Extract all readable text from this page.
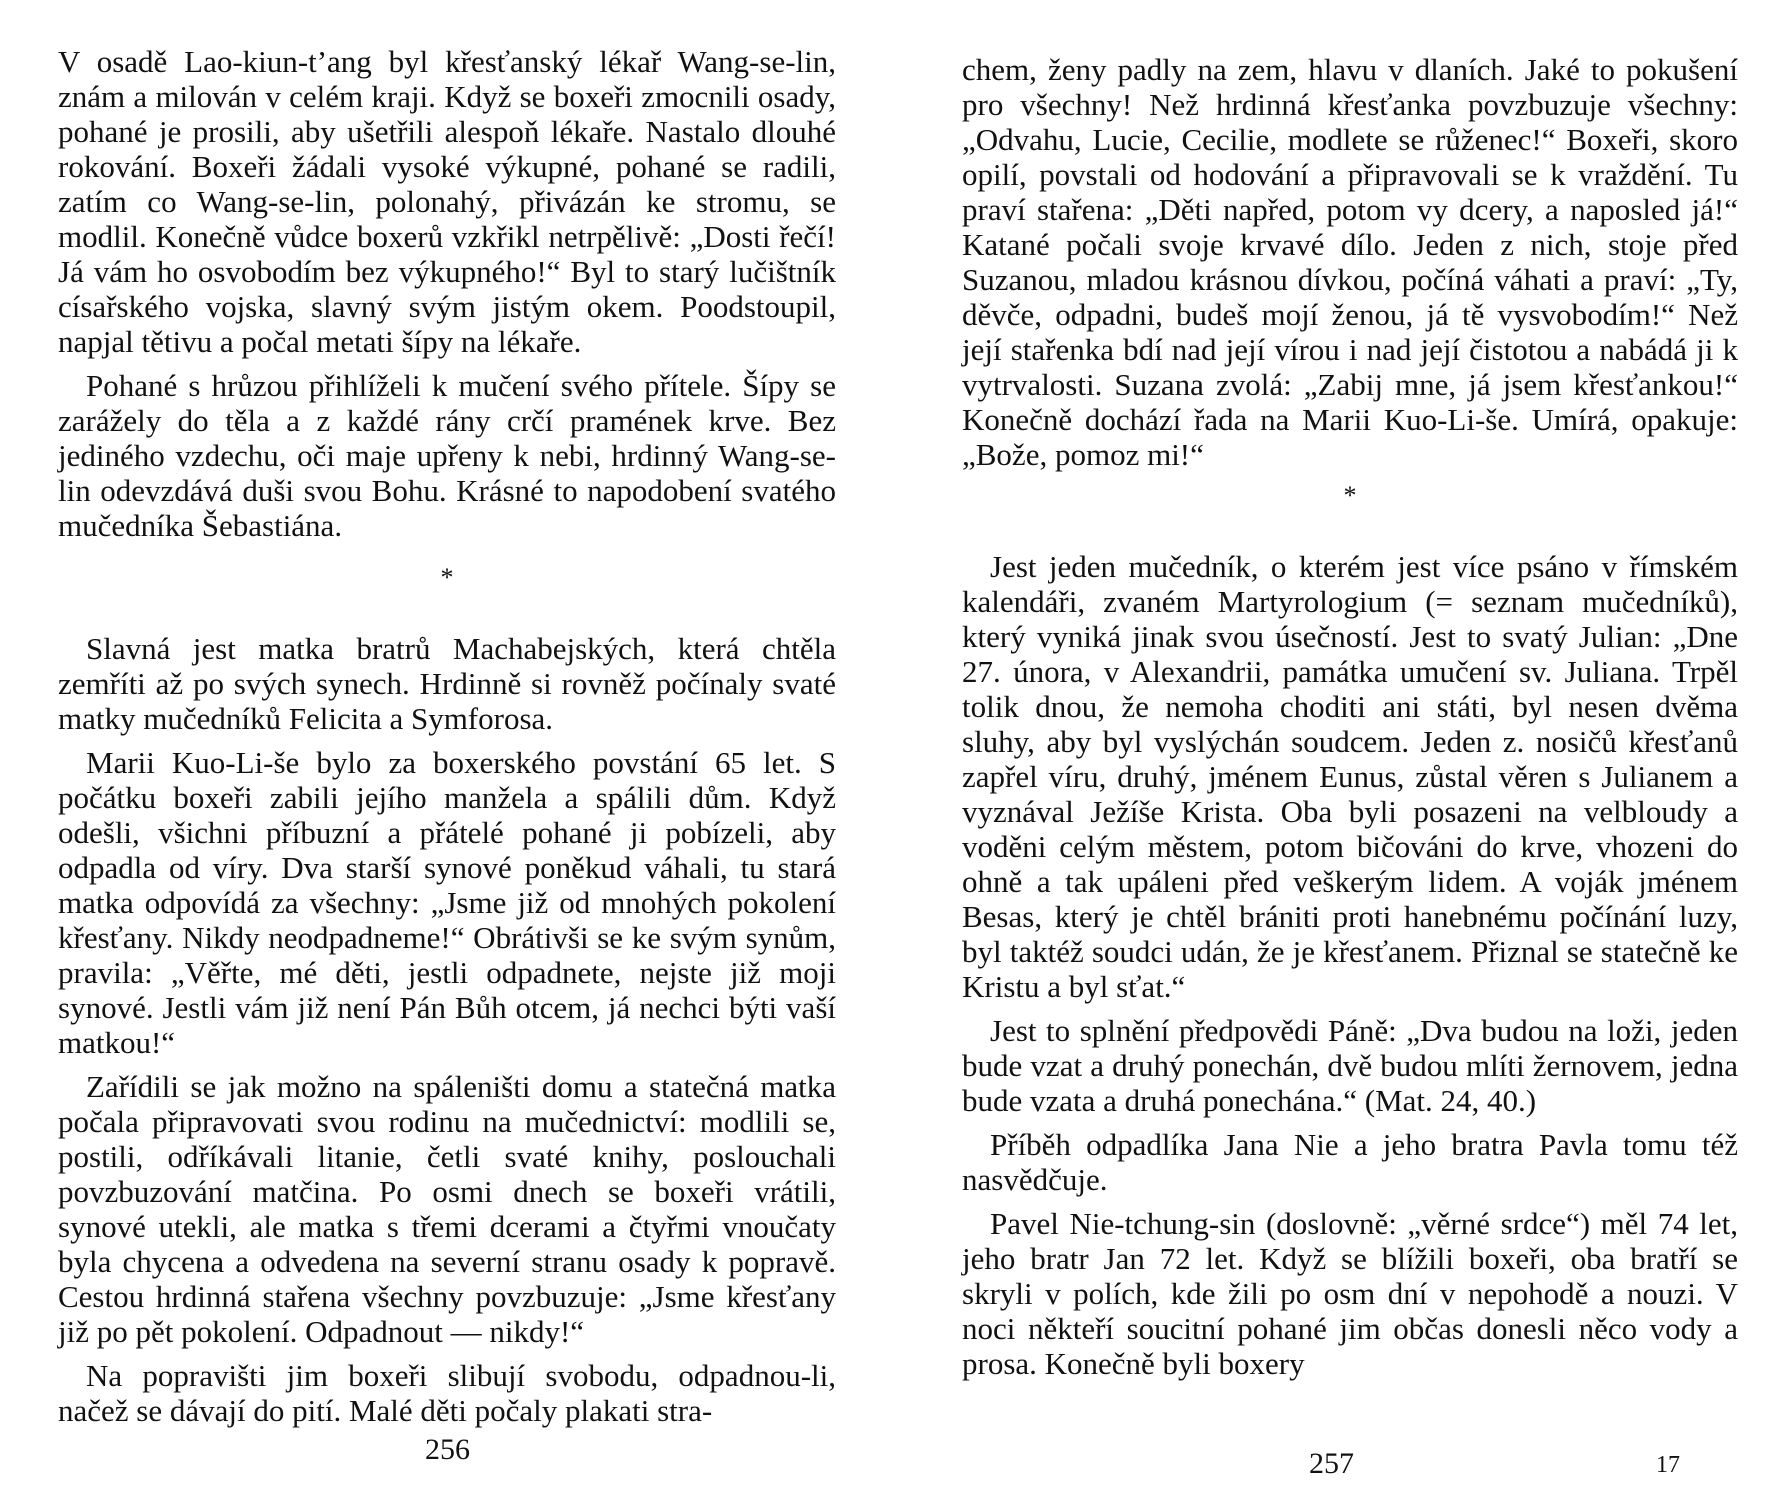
V osadě Lao-kiun-t’ang byl křesťanský lékař Wang-se-lin, znám a milován v celém kraji. Když se boxeři zmocnili osady, pohané je prosili, aby ušetřili alespoň lékaře. Nastalo dlouhé rokování. Boxeři žádali vysoké výkupné, pohané se radili, zatím co Wang-se-lin, polonahý, přivázán ke stromu, se modlil. Konečně vůdce boxerů vzkřikl netrpělivě: „Dosti řečí! Já vám ho osvobodím bez výkupného!“ Byl to starý lučištník císařského vojska, slavný svým jistým okem. Poodstoupil, napjal tětivu a počal metati šípy na lékaře.

Pohané s hrůzou přihlíželi k mučení svého přítele. Šípy se zarážely do těla a z každé rány crčí pramének krve. Bez jediného vzdechu, oči maje upřeny k nebi, hrdinný Wang-se-lin odevzdává duši svou Bohu. Krásné to napodobení svatého mučedníka Šebastiána.

*

Slavná jest matka bratrů Machabejských, která chtěla zemříti až po svých synech. Hrdinně si rovněž počínaly svaté matky mučedníků Felicita a Symforosa.

Marii Kuo-Li-še bylo za boxerského povstání 65 let. S počátku boxeři zabili jejího manžela a spálili dům. Když odešli, všichni příbuzní a přátelé pohané ji pobízeli, aby odpadla od víry. Dva starší synové poněkud váhali, tu stará matka odpovídá za všechny: „Jsme již od mnohých pokolení křesťany. Nikdy neodpadneme!“ Obrátivši se ke svým synům, pravila: „Věřte, mé děti, jestli odpadnete, nejste již moji synové. Jestli vám již není Pán Bůh otcem, já nechci býti vaší matkou!“

Zařídili se jak možno na spáleništi domu a statečná matka počala připravovati svou rodinu na mučednictví: modlili se, postili, odříkávali litanie, četli svaté knihy, poslouchali povzbuzování matčina. Po osmi dnech se boxeři vrátili, synové utekli, ale matka s třemi dcerami a čtyřmi vnoučaty byla chycena a odvedena na severní stranu osady k popravě. Cestou hrdinná stařena všechny povzbuzuje: „Jsme křesťany již po pět pokolení. Odpadnout — nikdy!“

Na popravišti jim boxeři slibují svobodu, odpadnou-li, načež se dávají do pití. Malé děti počaly plakati stra-

256

chem, ženy padly na zem, hlavu v dlaních. Jaké to pokušení pro všechny! Než hrdinná křesťanka povzbuzuje všechny: „Odvahu, Lucie, Cecilie, modlete se růženec!“ Boxeři, skoro opilí, povstali od hodování a připravovali se k vraždění. Tu praví stařena: „Děti napřed, potom vy dcery, a naposled já!“ Katané počali svoje krvavé dílo. Jeden z nich, stoje před Suzanou, mladou krásnou dívkou, počíná váhati a praví: „Ty, děvče, odpadni, budeš mojí ženou, já tě vysvobodím!“ Než její stařenka bdí nad její vírou i nad její čistotou a nabádá ji k vytrvalosti. Suzana zvolá: „Zabij mne, já jsem křesťankou!“ Konečně dochází řada na Marii Kuo-Li-še. Umírá, opakuje: „Bože, pomoz mi!“

*

Jest jeden mučedník, o kterém jest více psáno v římském kalendáři, zvaném Martyrologium (= seznam mučedníků), který vyniká jinak svou úsečností. Jest to svatý Julian: „Dne 27. února, v Alexandrii, památka umučení sv. Juliana. Trpěl tolik dnou, že nemoha choditi ani státi, byl nesen dvěma sluhy, aby byl vyslýchán soudcem. Jeden z. nosičů křesťanů zapřel víru, druhý, jménem Eunus, zůstal věren s Julianem a vyznával Ježíše Krista. Oba byli posazeni na velbloudy a voděni celým městem, potom bičováni do krve, vhozeni do ohně a tak upáleni před veškerým lidem. A voják jménem Besas, který je chtěl brániti proti hanebnému počínání luzy, byl taktéž soudci udán, že je křesťanem. Přiznal se statečně ke Kristu a byl sťat.“

Jest to splnění předpovědi Páně: „Dva budou na loži, jeden bude vzat a druhý ponechán, dvě budou mlíti žernovem, jedna bude vzata a druhá ponechána.“ (Mat. 24, 40.)

Příběh odpadlíka Jana Nie a jeho bratra Pavla tomu též nasvědčuje.

Pavel Nie-tchung-sin (doslovně: „věrné srdce“) měl 74 let, jeho bratr Jan 72 let. Když se blížili boxeři, oba bratří se skryli v polích, kde žili po osm dní v nepohodě a nouzi. V noci někteří soucitní pohané jim občas donesli něco vody a prosa. Konečně byli boxery

257	17
